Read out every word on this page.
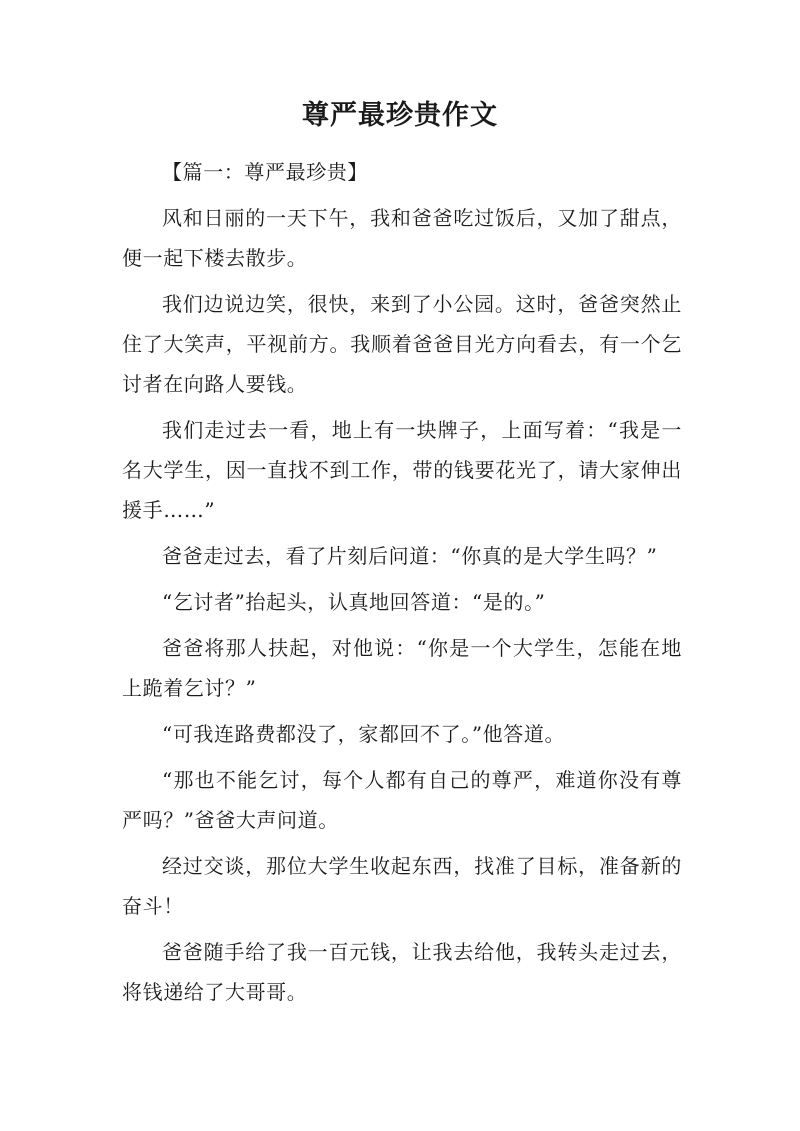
尊严最珍贵作文

【篇一：尊严最珍贵】

风和日丽的一天下午，我和爸爸吃过饭后，又加了甜点，便一起下楼去散步。

我们边说边笑，很快，来到了小公园。这时，爸爸突然止住了大笑声，平视前方。我顺着爸爸目光方向看去，有一个乞讨者在向路人要钱。

我们走过去一看，地上有一块牌子，上面写着：“我是一名大学生，因一直找不到工作，带的钱要花光了，请大家伸出援手……”

爸爸走过去，看了片刻后问道：“你真的是大学生吗？”

“乞讨者”抬起头，认真地回答道：“是的。”

爸爸将那人扶起，对他说：“你是一个大学生，怎能在地上跪着乞讨？”

“可我连路费都没了，家都回不了。”他答道。

“那也不能乞讨，每个人都有自己的尊严，难道你没有尊严吗？”爸爸大声问道。

经过交谈，那位大学生收起东西，找准了目标，准备新的奋斗！

爸爸随手给了我一百元钱，让我去给他，我转头走过去，将钱递给了大哥哥。
